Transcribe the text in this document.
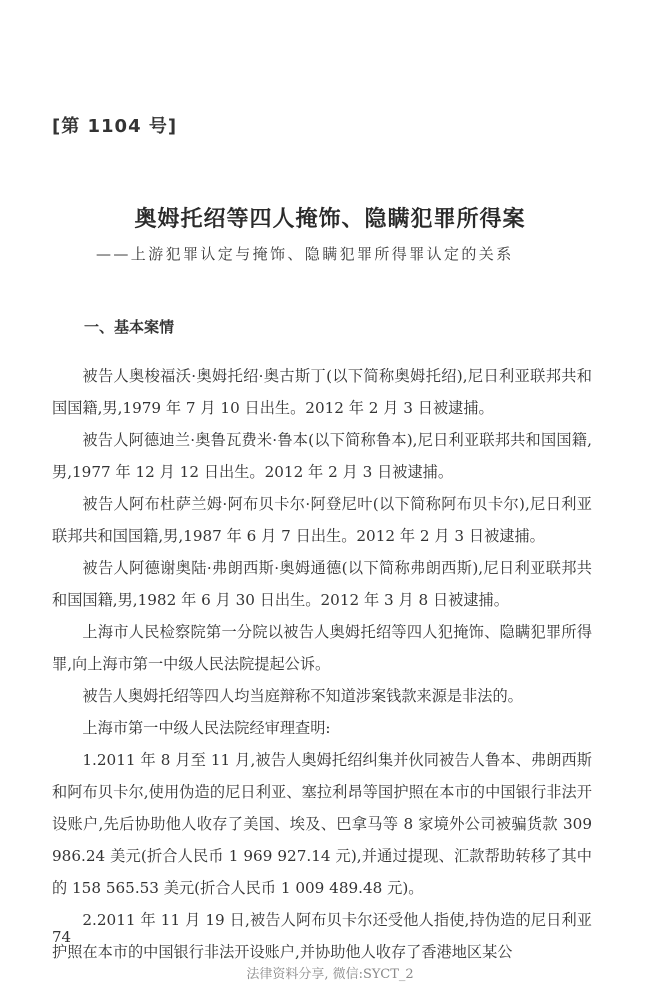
[第 1104 号]
奥姆托绍等四人掩饰、隐瞒犯罪所得案
——上游犯罪认定与掩饰、隐瞒犯罪所得罪认定的关系
一、基本案情

被告人奥梭福沃·奥姆托绍·奥古斯丁(以下简称奥姆托绍),尼日利亚联邦共和国国籍,男,1979 年 7 月 10 日出生。2012 年 2 月 3 日被逮捕。

被告人阿德迪兰·奥鲁瓦费米·鲁本(以下简称鲁本),尼日利亚联邦共和国国籍,男,1977 年 12 月 12 日出生。2012 年 2 月 3 日被逮捕。

被告人阿布杜萨兰姆·阿布贝卡尔·阿登尼叶(以下简称阿布贝卡尔),尼日利亚联邦共和国国籍,男,1987 年 6 月 7 日出生。2012 年 2 月 3 日被逮捕。

被告人阿德谢奥陆·弗朗西斯·奥姆通德(以下简称弗朗西斯),尼日利亚联邦共和国国籍,男,1982 年 6 月 30 日出生。2012 年 3 月 8 日被逮捕。

上海市人民检察院第一分院以被告人奥姆托绍等四人犯掩饰、隐瞒犯罪所得罪,向上海市第一中级人民法院提起公诉。

被告人奥姆托绍等四人均当庭辩称不知道涉案钱款来源是非法的。

上海市第一中级人民法院经审理查明:

1.2011 年 8 月至 11 月,被告人奥姆托绍纠集并伙同被告人鲁本、弗朗西斯和阿布贝卡尔,使用伪造的尼日利亚、塞拉利昂等国护照在本市的中国银行非法开设账户,先后协助他人收存了美国、埃及、巴拿马等 8 家境外公司被骗货款 309 986.24 美元(折合人民币 1 969 927.14 元),并通过提现、汇款帮助转移了其中的 158 565.53 美元(折合人民币 1 009 489.48 元)。

2.2011 年 11 月 19 日,被告人阿布贝卡尔还受他人指使,持伪造的尼日利亚护照在本市的中国银行非法开设账户,并协助他人收存了香港地区某公

74
法律资料分享, 微信:SYCT_2
